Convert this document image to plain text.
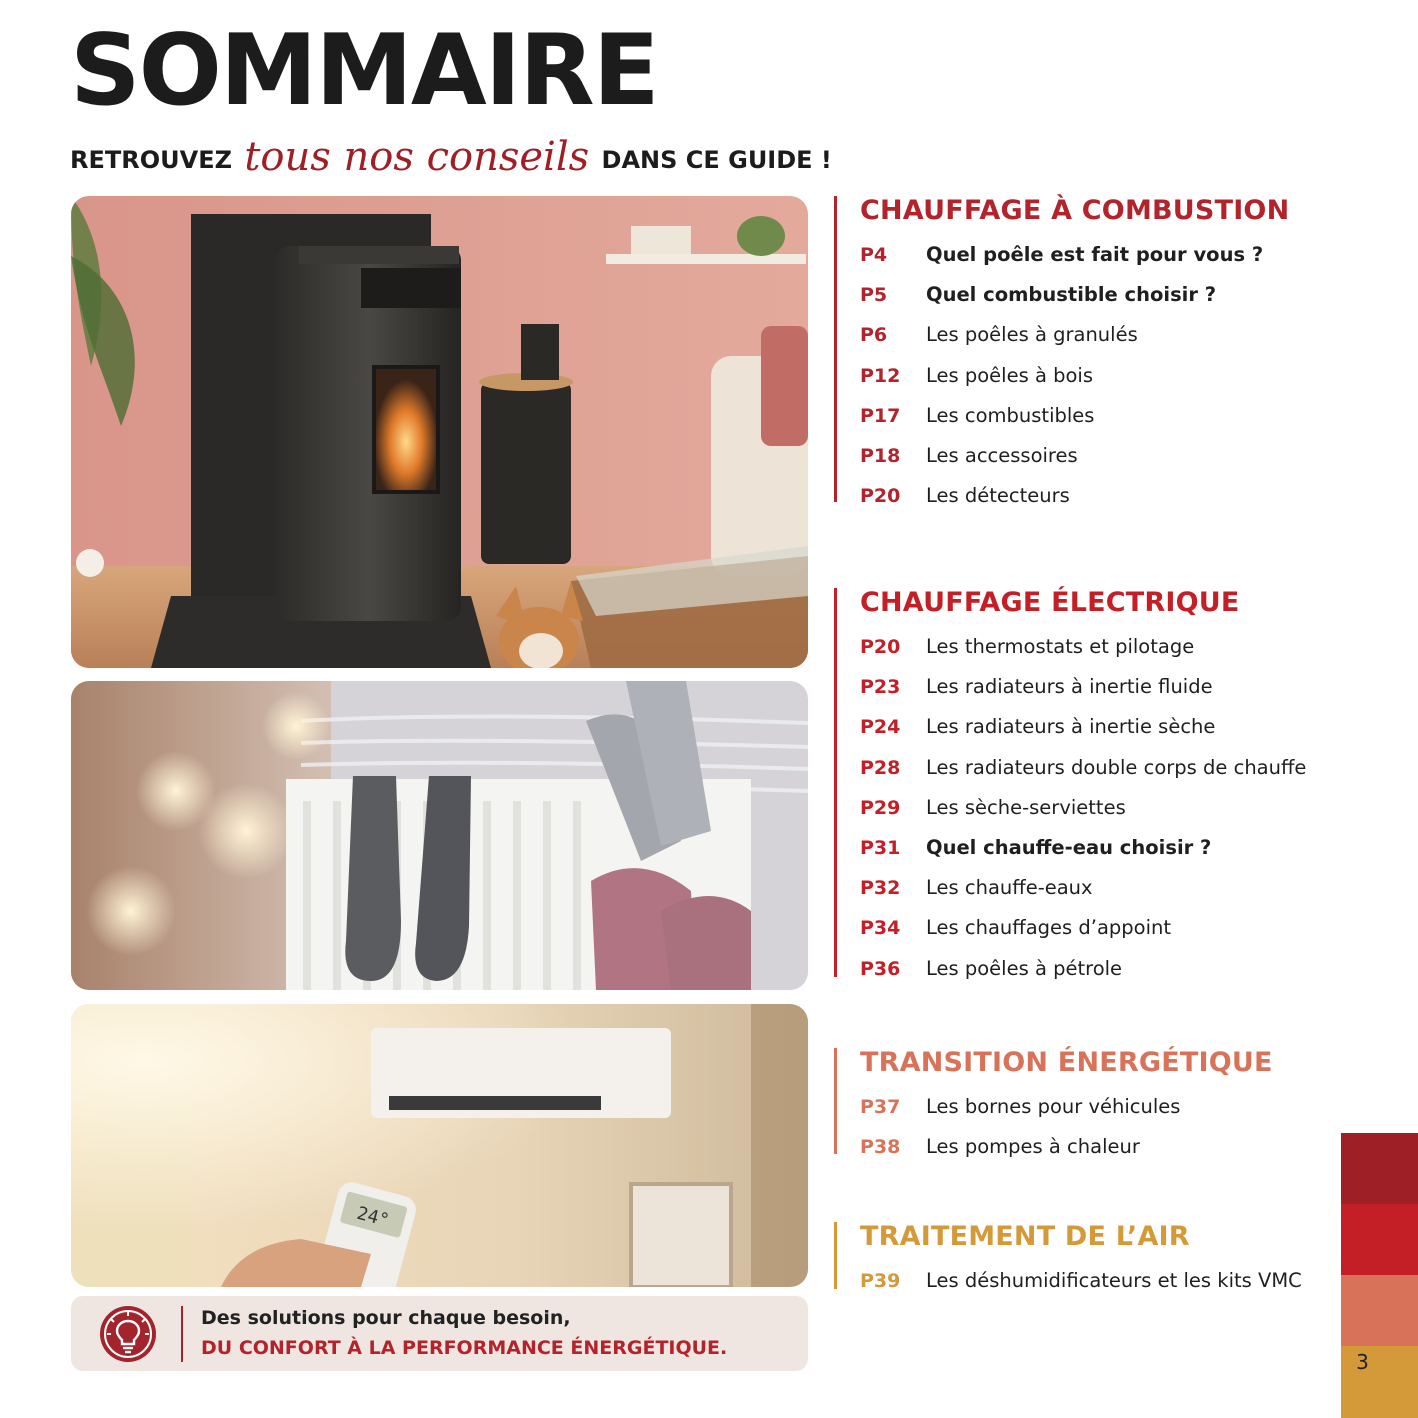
SOMMAIRE
RETROUVEZ tous nos conseils DANS CE GUIDE !
24°
Des solutions pour chaque besoin,
DU CONFORT À LA PERFORMANCE ÉNERGÉTIQUE.
CHAUFFAGE À COMBUSTION
P4 Quel poêle est fait pour vous ?
P5 Quel combustible choisir ?
P6 Les poêles à granulés
P12 Les poêles à bois
P17 Les combustibles
P18 Les accessoires
P20 Les détecteurs
CHAUFFAGE ÉLECTRIQUE
P20 Les thermostats et pilotage
P23 Les radiateurs à inertie fluide
P24 Les radiateurs à inertie sèche
P28 Les radiateurs double corps de chauffe
P29 Les sèche-serviettes
P31 Quel chauffe-eau choisir ?
P32 Les chauffe-eaux
P34 Les chauffages d’appoint
P36 Les poêles à pétrole
TRANSITION ÉNERGÉTIQUE
P37 Les bornes pour véhicules
P38 Les pompes à chaleur
TRAITEMENT DE L’AIR
P39 Les déshumidificateurs et les kits VMC
3
